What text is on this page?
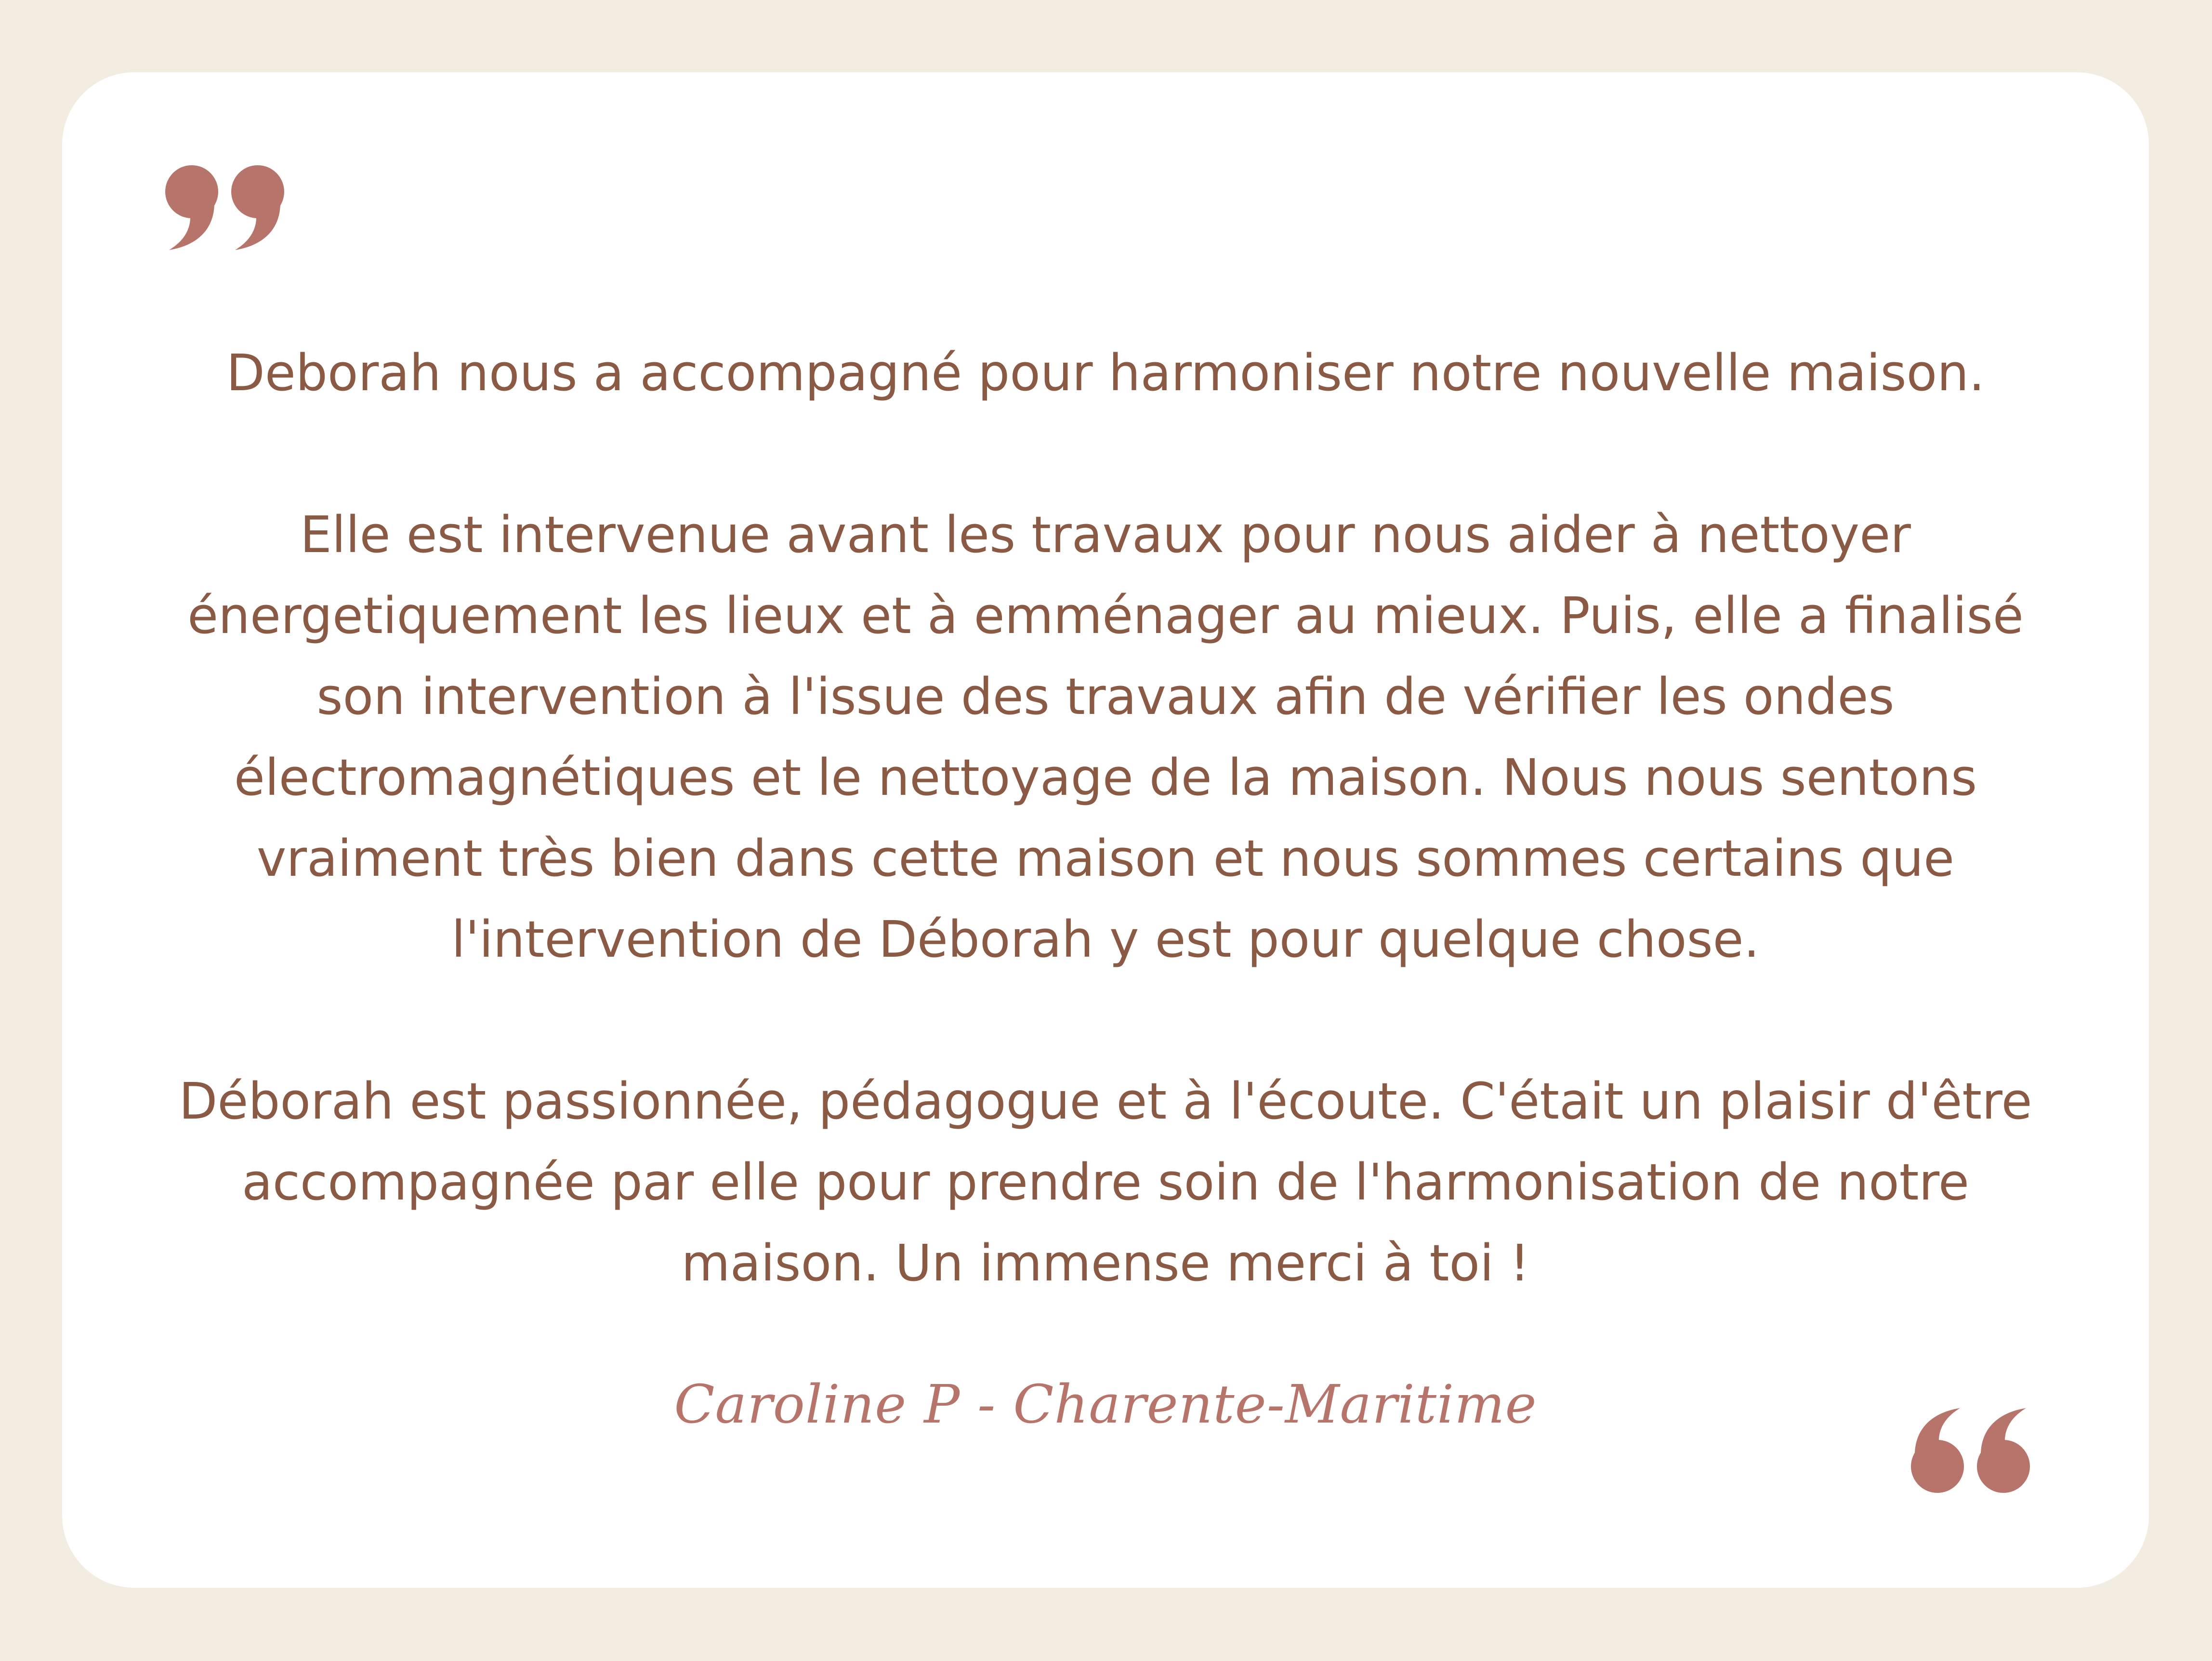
Deborah nous a accompagné pour harmoniser notre nouvelle maison.

Elle est intervenue avant les travaux pour nous aider à nettoyer énergetiquement les lieux et à emménager au mieux. Puis, elle a finalisé son intervention à l'issue des travaux afin de vérifier les ondes électromagnétiques et le nettoyage de la maison. Nous nous sentons vraiment très bien dans cette maison et nous sommes certains que l'intervention de Déborah y est pour quelque chose.

Déborah est passionnée, pédagogue et à l'écoute. C'était un plaisir d'être accompagnée par elle pour prendre soin de l'harmonisation de notre maison. Un immense merci à toi !

Caroline P - Charente-Maritime
